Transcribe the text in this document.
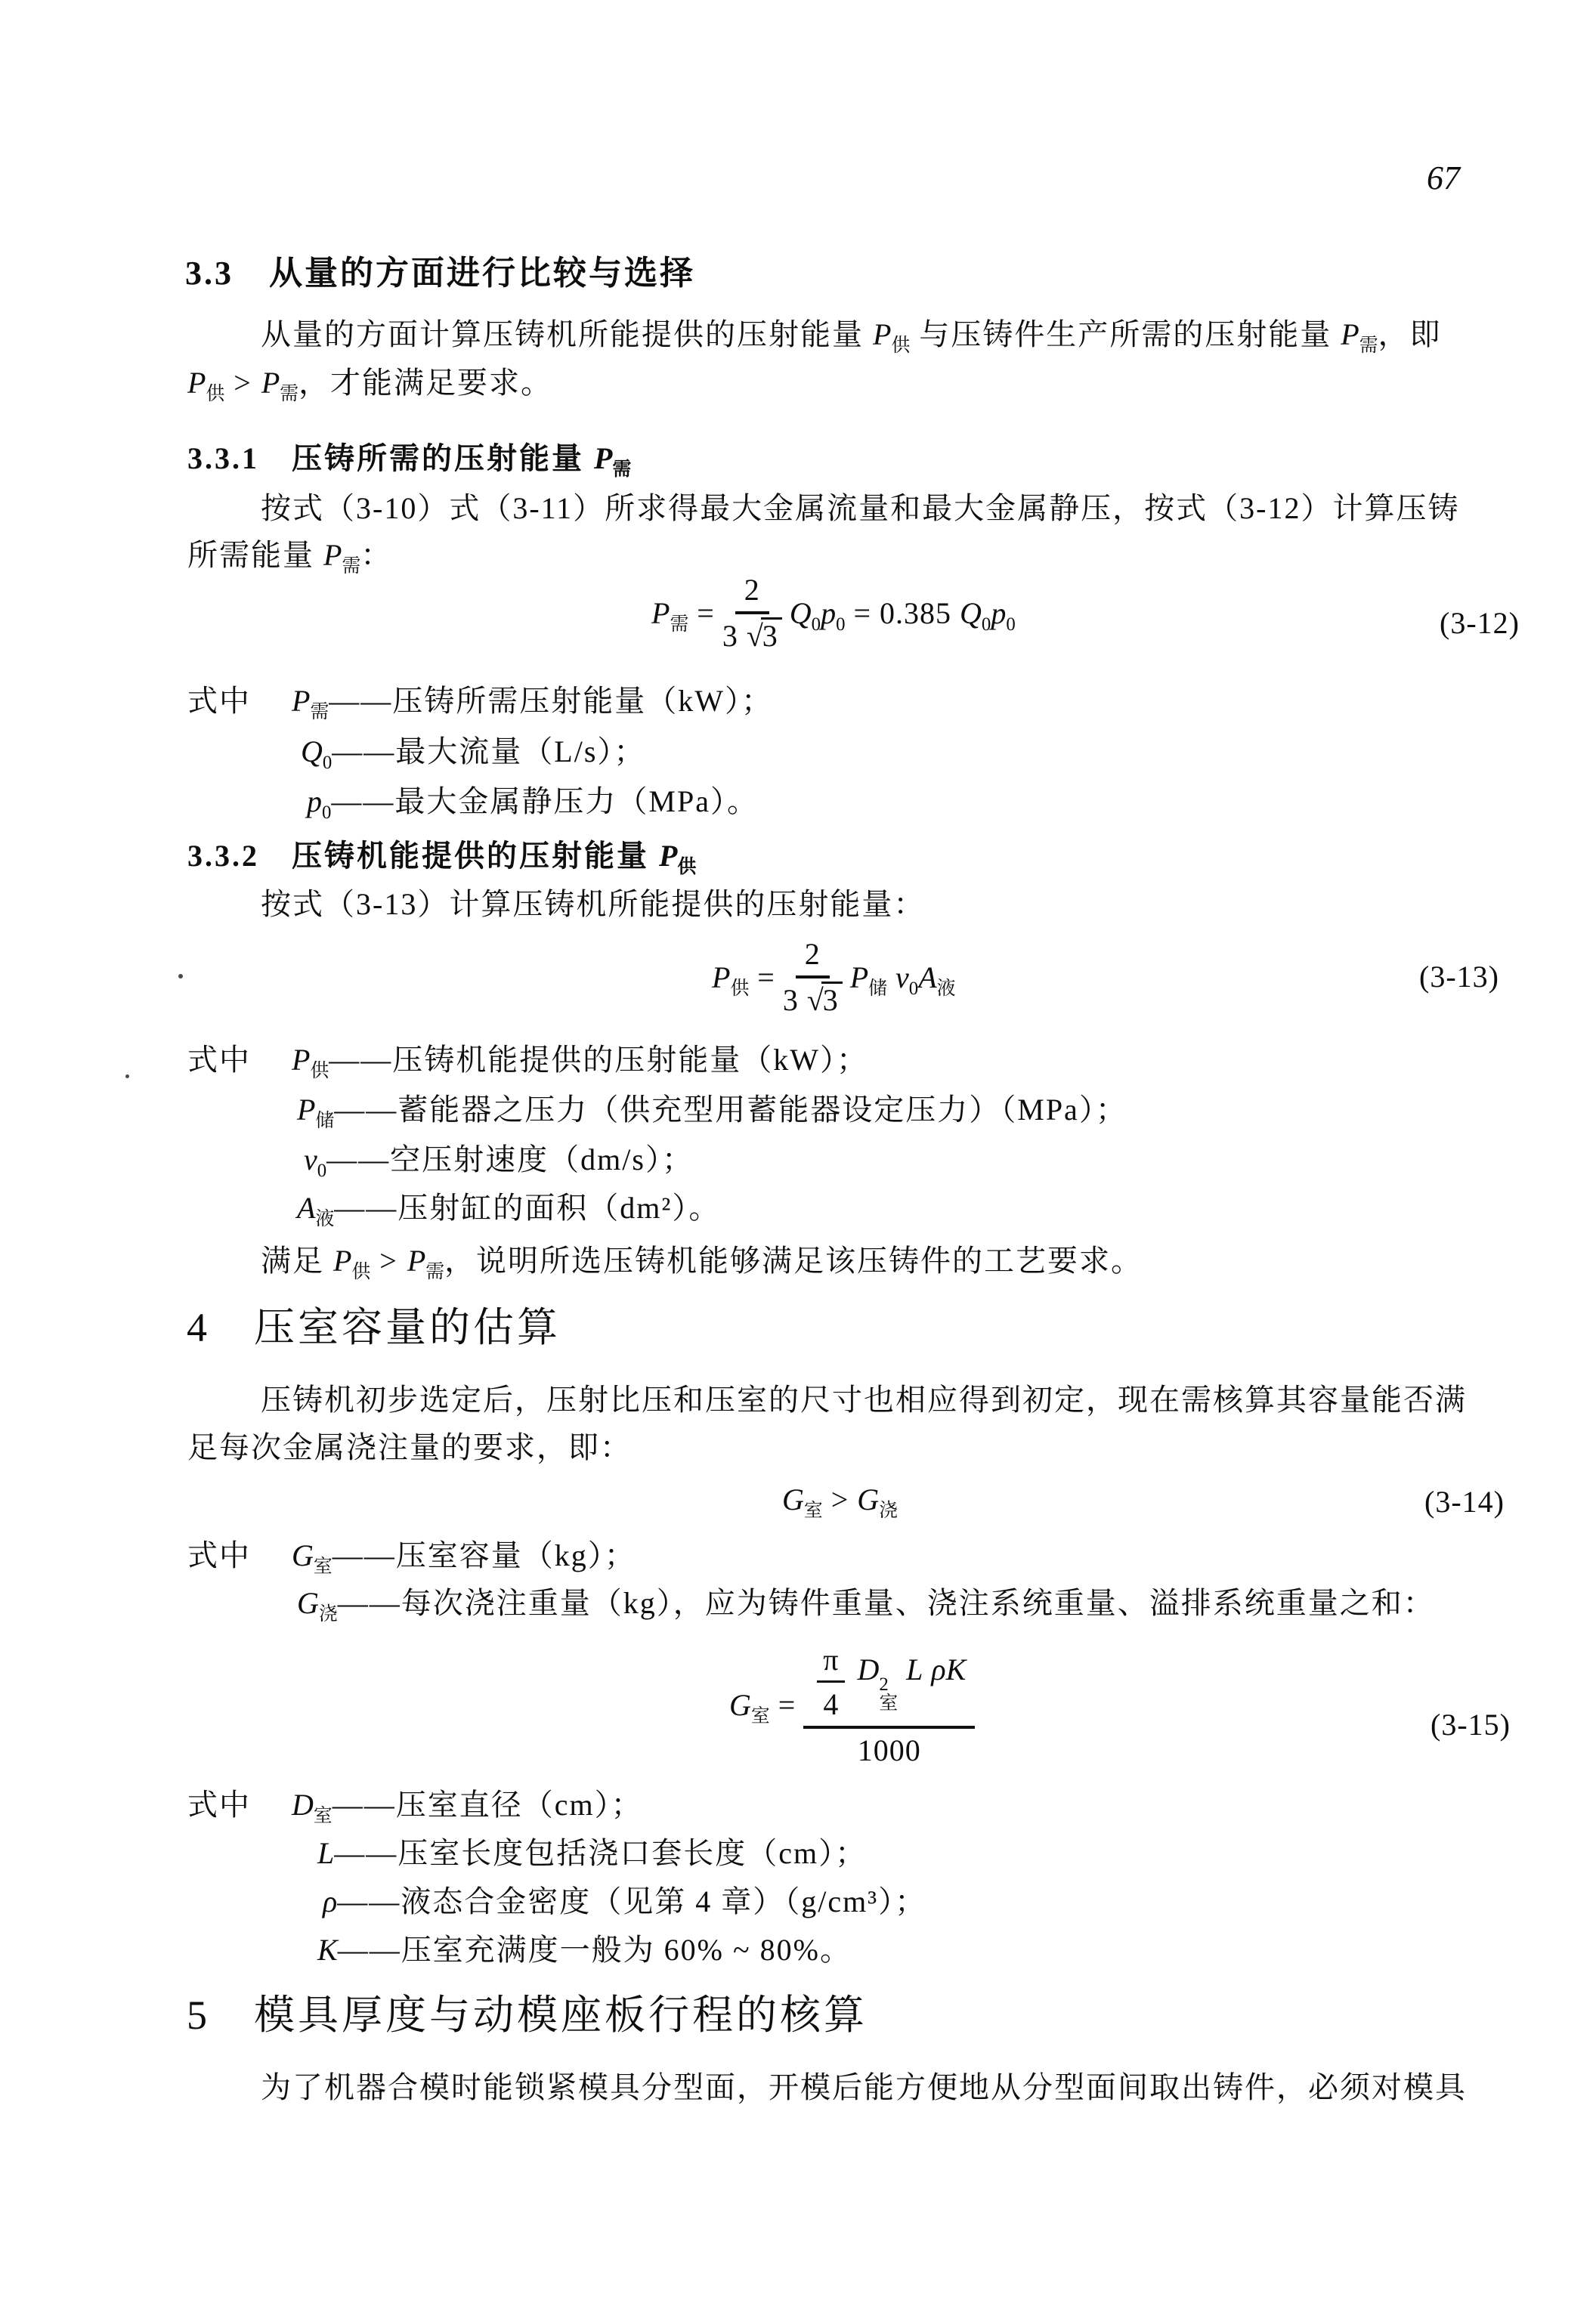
67
3.3　从量的方面进行比较与选择
从量的方面计算压铸机所能提供的压射能量 $P_供$ 与压铸件生产所需的压射能量 $P_需$，即
$P_供 > P_需$，才能满足要求。
3.3.1　压铸所需的压射能量 $P_需$
按式（3-10）式（3-11）所求得最大金属流量和最大金属静压，按式（3-12）计算压铸
所需能量 $P_需$：
$P_需 = \frac{2}{3 √3} Q_0p_0 = 0.385$ $Q_0p_0$	(3-12)
式中　 $P_需——$压铸所需压射能量（kW）；
$Q_0——$最大流量（L/s）；
$p_0——$最大金属静压力（MPa）。
3.3.2　压铸机能提供的压射能量 $P_供$
按式（3-13）计算压铸机所能提供的压射能量：
$P_供 = \frac{2}{3 √3} P_储$ $v_0A_液$	(3-13)
式中　 $P_供——$压铸机能提供的压射能量（kW）；
$P_储——$蓄能器之压力（供充型用蓄能器设定压力）（MPa）；
$v_0——$空压射速度（dm/s）；
$A_液——$压射缸的面积（dm²）。
满足 $P_供 > P_需$，说明所选压铸机能够满足该压铸件的工艺要求。
4　压室容量的估算
压铸机初步选定后，压射比压和压室的尺寸也相应得到初定，现在需核算其容量能否满
足每次金属浇注量的要求，即：
$G_室 > G_浇$	(3-14)
式中　 $G_室——$压室容量（kg）；
$G_浇——$每次浇注重量（kg），应为铸件重量、浇注系统重量、溢排系统重量之和：
$G_室 = \frac{\pi}{4}$ D 2
室
L ρK
1000	(3-15)
式中　 $D_室——$压室直径（cm）；
L——压室长度包括浇口套长度（cm）；
ρ——液态合金密度（见第 4 章）（g/cm³）；
K——压室充满度一般为 60% ~ 80%。
5　模具厚度与动模座板行程的核算
为了机器合模时能锁紧模具分型面，开模后能方便地从分型面间取出铸件，必须对模具
